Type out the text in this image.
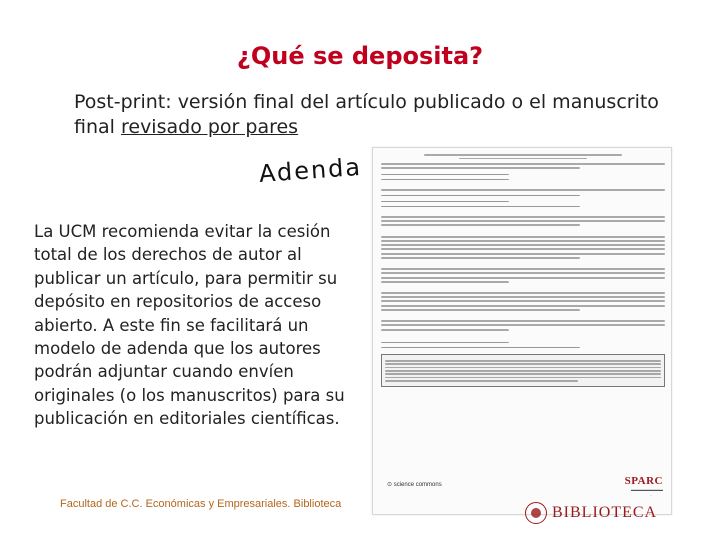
¿Qué se deposita?
Post-print: versión final del artículo publicado o el manuscrito final revisado por pares
Adenda
La UCM recomienda evitar la cesión total de los derechos de autor al publicar un artículo, para permitir su depósito en repositorios de acceso abierto. A este fin se facilitará un modelo de adenda que los autores podrán adjuntar cuando envíen originales (o los manuscritos) para su publicación en editoriales científicas.
⊙ science commons	SPARC
▬▬▬▬▬▬▬▬
·
BIBLIOTECA
Facultad de C.C. Económicas y Empresariales. Biblioteca
